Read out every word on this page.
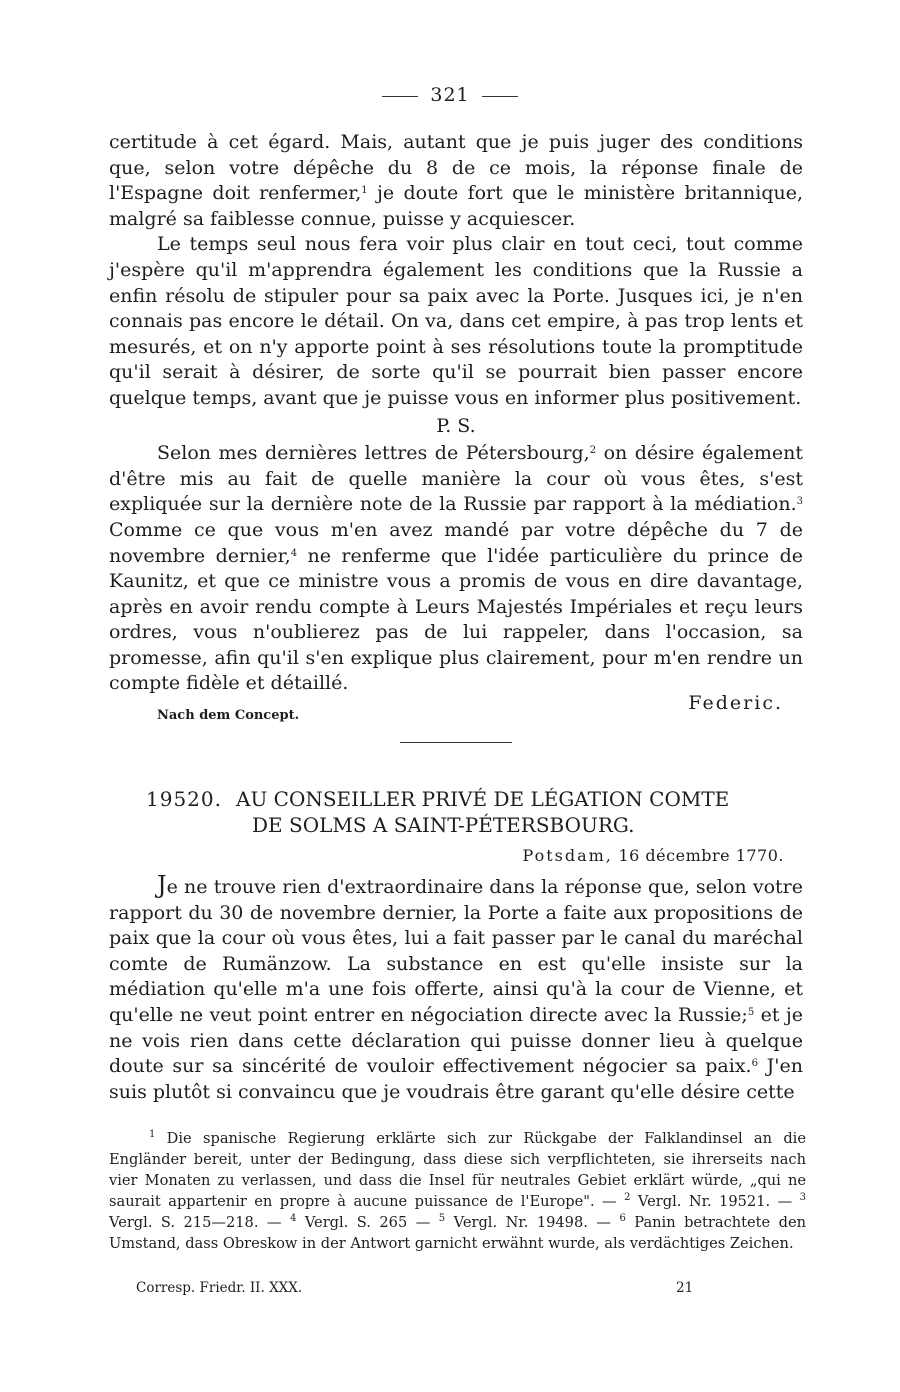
321

certitude à cet égard. Mais, autant que je puis juger des conditions que, selon votre dépêche du 8 de ce mois, la réponse finale de l'Espagne doit renfermer,$^1$ je doute fort que le ministère britannique, malgré sa faiblesse connue, puisse y acquiescer.

Le temps seul nous fera voir plus clair en tout ceci, tout comme j'espère qu'il m'apprendra également les conditions que la Russie a enfin résolu de stipuler pour sa paix avec la Porte. Jusques ici, je n'en connais pas encore le détail. On va, dans cet empire, à pas trop lents et mesurés, et on n'y apporte point à ses résolutions toute la promptitude qu'il serait à désirer, de sorte qu'il se pourrait bien passer encore quelque temps, avant que je puisse vous en informer plus positivement.

P. S.

Selon mes dernières lettres de Pétersbourg,$^2$ on désire également d'être mis au fait de quelle manière la cour où vous êtes, s'est expliquée sur la dernière note de la Russie par rapport à la médiation.$^3$ Comme ce que vous m'en avez mandé par votre dépêche du 7 de novembre dernier,$^4$ ne renferme que l'idée particulière du prince de Kaunitz, et que ce ministre vous a promis de vous en dire davantage, après en avoir rendu compte à Leurs Majestés Impériales et reçu leurs ordres, vous n'oublierez pas de lui rappeler, dans l'occasion, sa promesse, afin qu'il s'en explique plus clairement, pour m'en rendre un compte fidèle et détaillé.

Federic.

Nach dem Concept.

19520. AU CONSEILLER PRIVÉ DE LÉGATION COMTE
DE SOLMS A SAINT-PÉTERSBOURG.
Potsdam, 16 décembre 1770.

Je ne trouve rien d'extraordinaire dans la réponse que, selon votre rapport du 30 de novembre dernier, la Porte a faite aux propositions de paix que la cour où vous êtes, lui a fait passer par le canal du maréchal comte de Rumänzow. La substance en est qu'elle insiste sur la médiation qu'elle m'a une fois offerte, ainsi qu'à la cour de Vienne, et qu'elle ne veut point entrer en négociation directe avec la Russie;$^5$ et je ne vois rien dans cette déclaration qui puisse donner lieu à quelque doute sur sa sincérité de vouloir effectivement négocier sa paix.$^6$ J'en suis plutôt si convaincu que je voudrais être garant qu'elle désire cette

$^1$ Die spanische Regierung erklärte sich zur Rückgabe der Falklandinsel an die Engländer bereit, unter der Bedingung, dass diese sich verpflichteten, sie ihrerseits nach vier Monaten zu verlassen, und dass die Insel für neutrales Gebiet erklärt würde, „qui ne saurait appartenir en propre à aucune puissance de l'Europe". — $^2$ Vergl. Nr. 19521. — $^3$ Vergl. S. 215—218. — $^4$ Vergl. S. 265 — $^5$ Vergl. Nr. 19498. — $^6$ Panin betrachtete den Umstand, dass Obreskow in der Antwort garnicht erwähnt wurde, als verdächtiges Zeichen.

Corresp. Friedr. II. XXX.	21
